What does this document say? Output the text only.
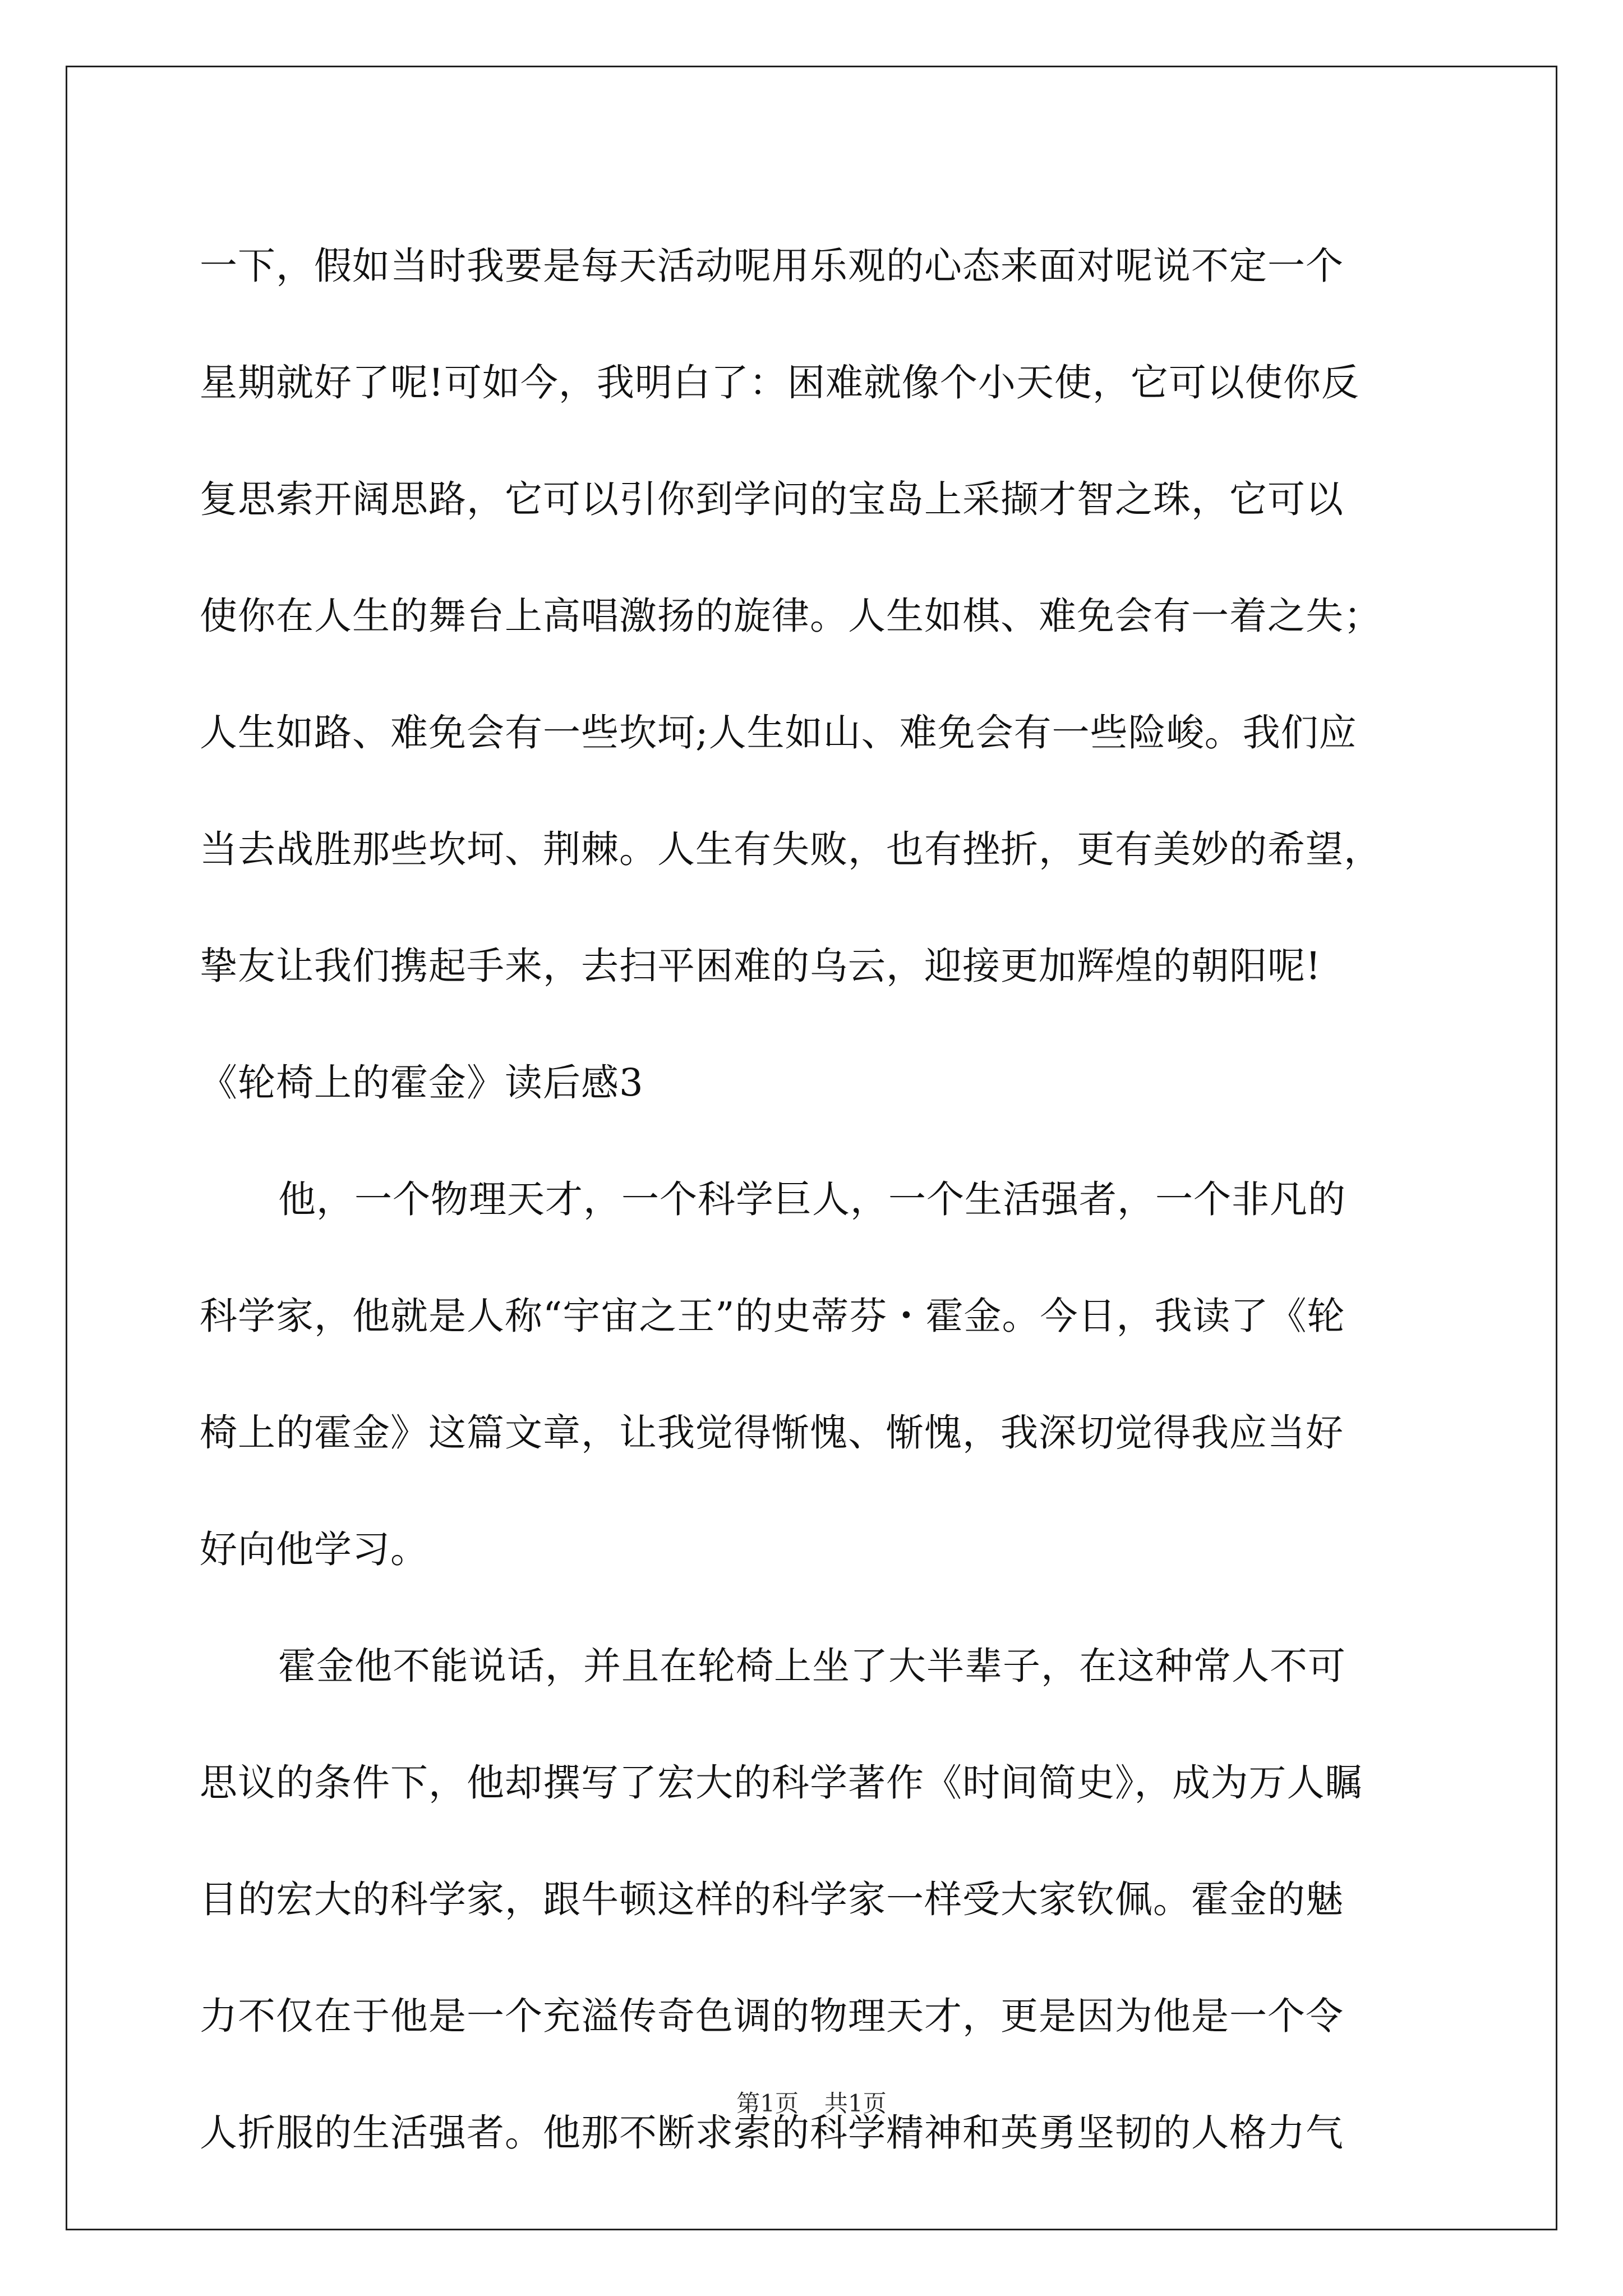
一下，假如当时我要是每天活动呢用乐观的心态来面对呢说不定一个
星期就好了呢!可如今，我明白了：困难就像个小天使，它可以使你反
复思索开阔思路，它可以引你到学问的宝岛上采撷才智之珠，它可以
使你在人生的舞台上高唱激扬的旋律。人生如棋、难免会有一着之失；
人生如路、难免会有一些坎坷;人生如山、难免会有一些险峻。我们应
当去战胜那些坎坷、荆棘。人生有失败，也有挫折，更有美妙的希望，
挚友让我们携起手来，去扫平困难的乌云，迎接更加辉煌的朝阳呢!
《轮椅上的霍金》读后感3
他，一个物理天才，一个科学巨人，一个生活强者，一个非凡的
科学家，他就是人称“宇宙之王”的史蒂芬・霍金。今日，我读了《轮
椅上的霍金》这篇文章，让我觉得惭愧、惭愧，我深切觉得我应当好
好向他学习。
霍金他不能说话，并且在轮椅上坐了大半辈子，在这种常人不可
思议的条件下，他却撰写了宏大的科学著作《时间简史》，成为万人瞩
目的宏大的科学家，跟牛顿这样的科学家一样受大家钦佩。霍金的魅
力不仅在于他是一个充溢传奇色调的物理天才，更是因为他是一个令
人折服的生活强者。他那不断求索的科学精神和英勇坚韧的人格力气
第1页 共1页
